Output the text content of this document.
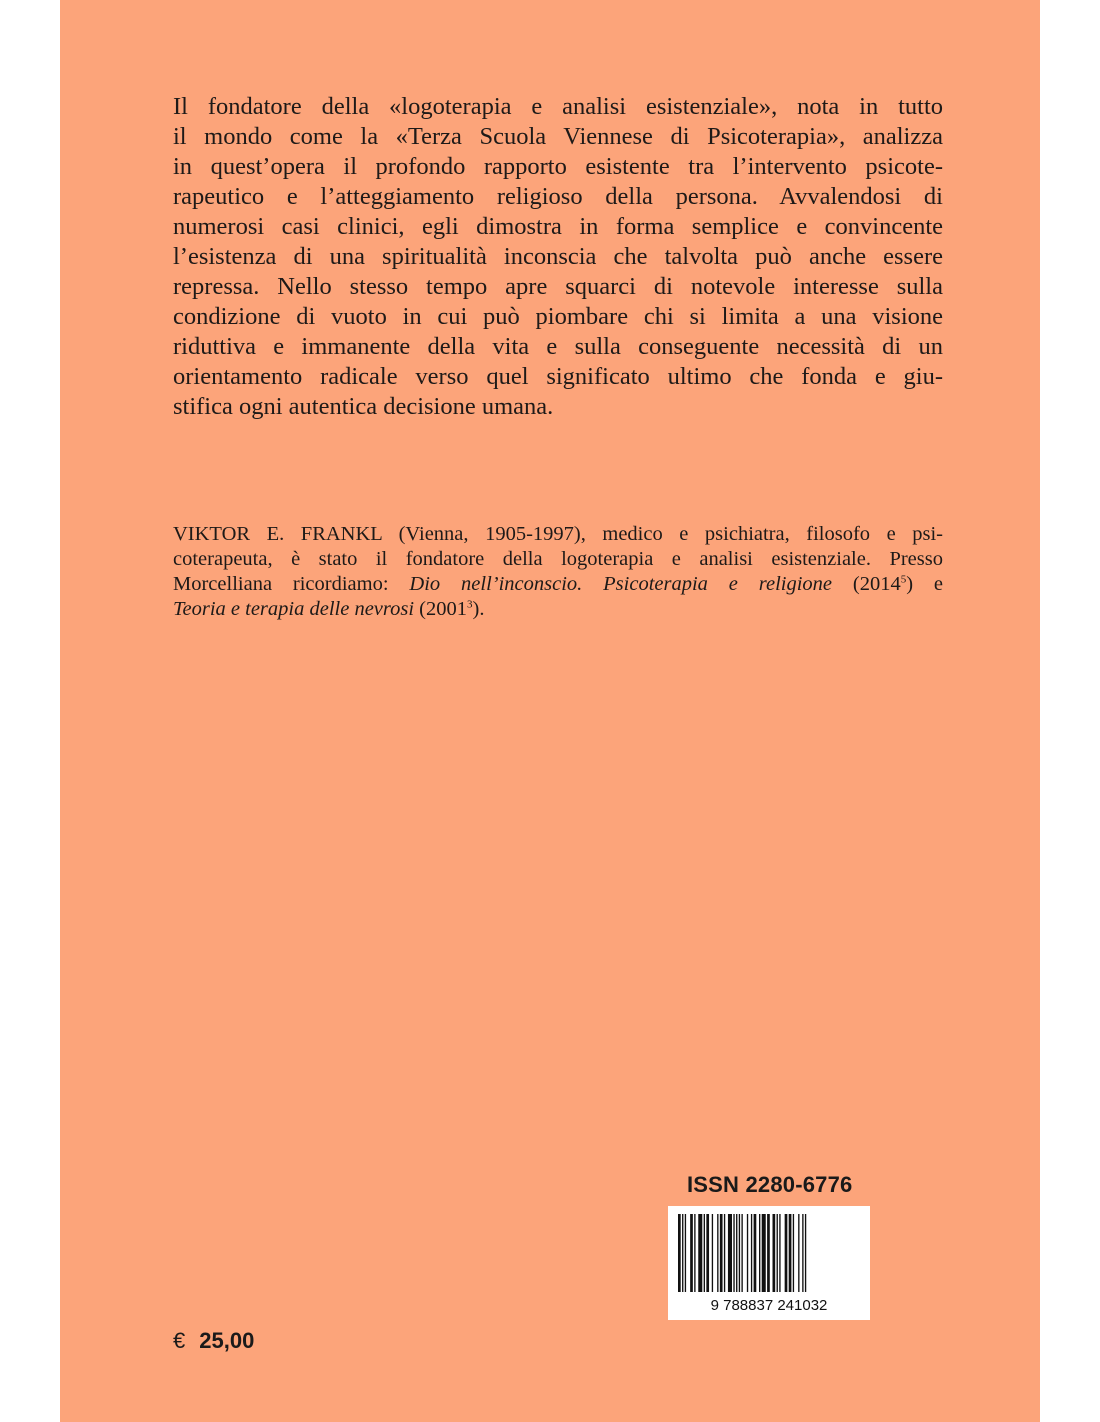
Il fondatore della «logoterapia e analisi esistenziale», nota in tutto
il mondo come la «Terza Scuola Viennese di Psicoterapia», analizza
in quest’opera il profondo rapporto esistente tra l’intervento psicote-
rapeutico e l’atteggiamento religioso della persona. Avvalendosi di
numerosi casi clinici, egli dimostra in forma semplice e convincente
l’esistenza di una spiritualità inconscia che talvolta può anche essere
repressa. Nello stesso tempo apre squarci di notevole interesse sulla
condizione di vuoto in cui può piombare chi si limita a una visione
riduttiva e immanente della vita e sulla conseguente necessità di un
orientamento radicale verso quel significato ultimo che fonda e giu-
stifica ogni autentica decisione umana.
VIKTOR E. FRANKL (Vienna, 1905-1997), medico e psichiatra, filosofo e psi-
coterapeuta, è stato il fondatore della logoterapia e analisi esistenziale. Presso
Morcelliana ricordiamo: Dio nell’inconscio. Psicoterapia e religione (2014$^5$) e
Teoria e terapia delle nevrosi (2001$^3$).
ISSN 2280-6776
9 788837 241032
€ 25,00
